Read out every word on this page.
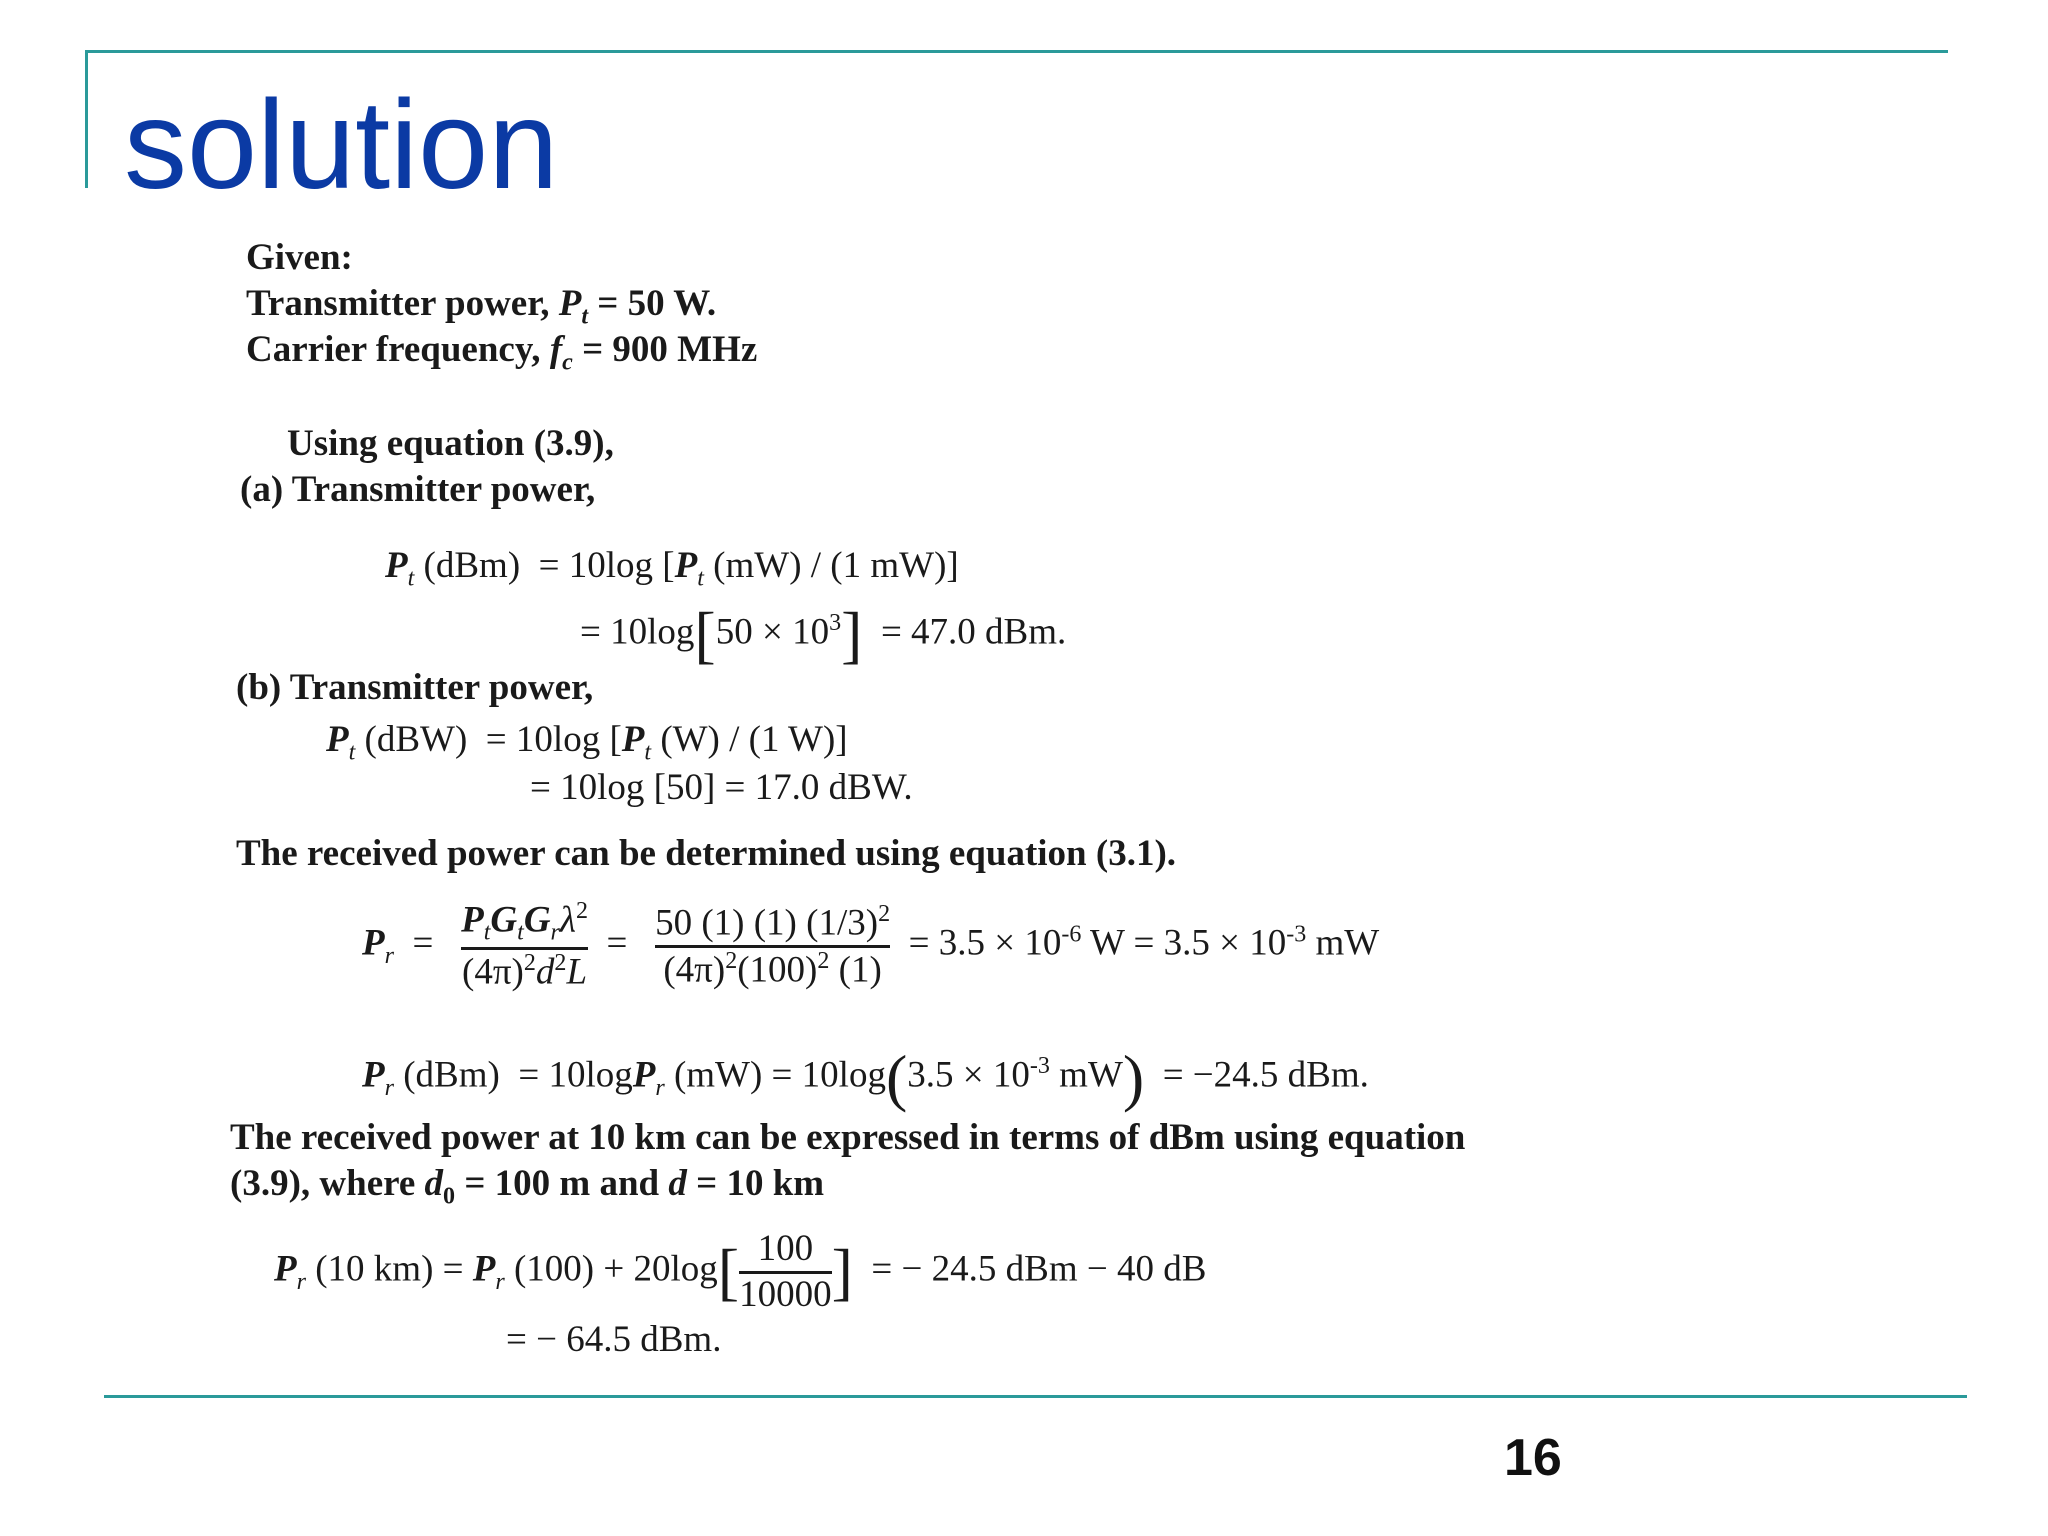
solution
Given:
Transmitter power, $P_t = 50$ W.
Carrier frequency, $f_c = 900$ MHz
Using equation (3.9),
(a) Transmitter power,
$P_t$ (dBm) = 10log [$P_t$ (mW) / (1 mW)]
= $10\log[50 \times 10^3] = 47.0$ dBm.
(b) Transmitter power,
$P_t$ (dBW) = 10log [$P_t$ (W) / (1 W)]
= 10log [50] = 17.0 dBW.
The received power can be determined using equation (3.1).
$P_r = \frac{P_tG_tG_r\lambda^2}{(4\pi)^2d^2L} = \frac{50 (1) (1) (1/3)^2}{(4\pi)^2(100)^2 (1)} = 3.5 \times 10^{-6}$ $W = 3.5 \times 10^{-3}$ mW
$P_r$ (dBm) = 10logP$_r$ $(mW) = 10\log(3.5 \times 10^{-3}$ mW) = −24.5 dBm.
The received power at 10 km can be expressed in terms of dBm using equation
(3.9), where $d_0 = 100$ m and d = 10 km
$P_r$ (10 $km) = P_r$ $(100) + 20\log[ \frac{100}{10000}$ ] = − 24.5 dBm − 40 dB
= − 64.5 dBm.
16
